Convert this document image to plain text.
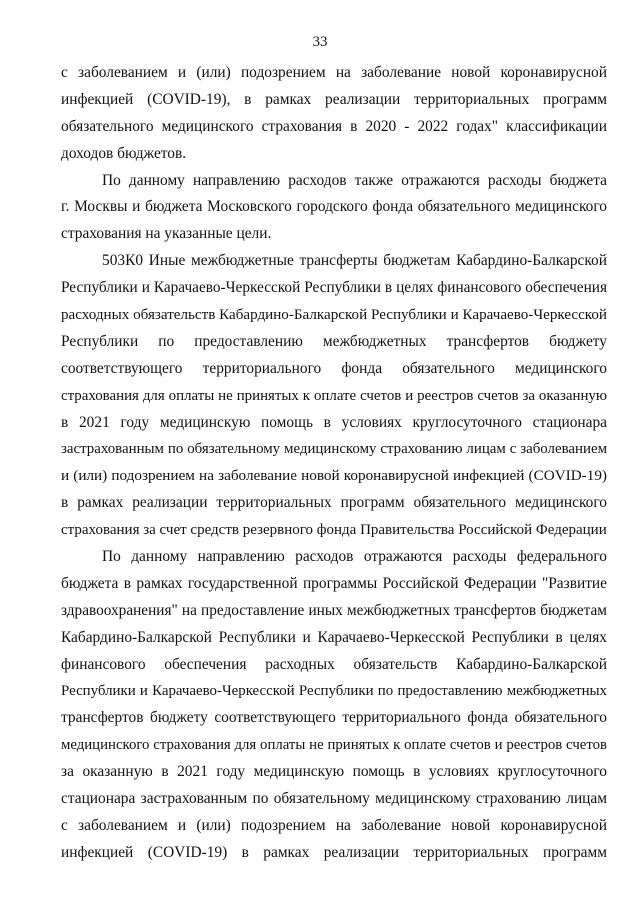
33
с заболеванием и (или) подозрением на заболевание новой коронавирусной
инфекцией (COVID-19), в рамках реализации территориальных программ
обязательного медицинского страхования в 2020 - 2022 годах" классификации
доходов бюджетов.
По данному направлению расходов также отражаются расходы бюджета
г. Москвы и бюджета Московского городского фонда обязательного медицинского
страхования на указанные цели.
503К0 Иные межбюджетные трансферты бюджетам Кабардино-Балкарской
Республики и Карачаево-Черкесской Республики в целях финансового обеспечения
расходных обязательств Кабардино-Балкарской Республики и Карачаево-Черкесской
Республики по предоставлению межбюджетных трансфертов бюджету
соответствующего территориального фонда обязательного медицинского
страхования для оплаты не принятых к оплате счетов и реестров счетов за оказанную
в 2021 году медицинскую помощь в условиях круглосуточного стационара
застрахованным по обязательному медицинскому страхованию лицам с заболеванием
и (или) подозрением на заболевание новой коронавирусной инфекцией (COVID-19)
в рамках реализации территориальных программ обязательного медицинского
страхования за счет средств резервного фонда Правительства Российской Федерации
По данному направлению расходов отражаются расходы федерального
бюджета в рамках государственной программы Российской Федерации "Развитие
здравоохранения" на предоставление иных межбюджетных трансфертов бюджетам
Кабардино-Балкарской Республики и Карачаево-Черкесской Республики в целях
финансового обеспечения расходных обязательств Кабардино-Балкарской
Республики и Карачаево-Черкесской Республики по предоставлению межбюджетных
трансфертов бюджету соответствующего территориального фонда обязательного
медицинского страхования для оплаты не принятых к оплате счетов и реестров счетов
за оказанную в 2021 году медицинскую помощь в условиях круглосуточного
стационара застрахованным по обязательному медицинскому страхованию лицам
с заболеванием и (или) подозрением на заболевание новой коронавирусной
инфекцией (COVID-19) в рамках реализации территориальных программ
